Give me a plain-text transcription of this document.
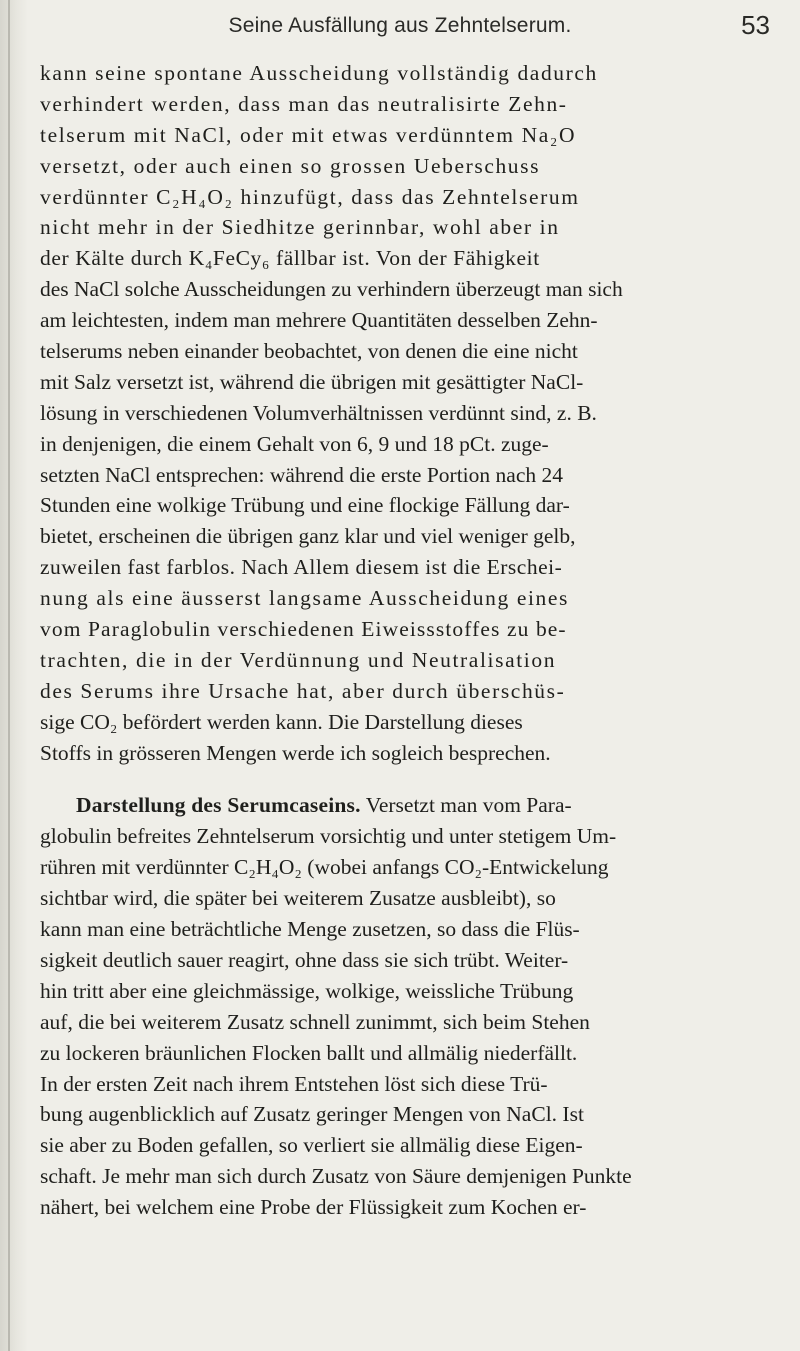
Seine Ausfällung aus Zehntelserum.	53
kann seine spontane Ausscheidung vollständig dadurch
verhindert werden, dass man das neutralisirte Zehn-
telserum mit NaCl, oder mit etwas verdünntem Na₂O
versetzt, oder auch einen so grossen Ueberschuss
verdünnter C₂H₄O₂ hinzufügt, dass das Zehntelserum
nicht mehr in der Siedhitze gerinnbar, wohl aber in
der Kälte durch K₄FeCy₆ fällbar ist. Von der Fähigkeit
des NaCl solche Ausscheidungen zu verhindern überzeugt man sich
am leichtesten, indem man mehrere Quantitäten desselben Zehn-
telserums neben einander beobachtet, von denen die eine nicht
mit Salz versetzt ist, während die übrigen mit gesättigter NaCl-
lösung in verschiedenen Volumverhältnissen verdünnt sind, z. B.
in denjenigen, die einem Gehalt von 6, 9 und 18 pCt. zuge-
setzten NaCl entsprechen: während die erste Portion nach 24
Stunden eine wolkige Trübung und eine flockige Fällung dar-
bietet, erscheinen die übrigen ganz klar und viel weniger gelb,
zuweilen fast farblos. Nach Allem diesem ist die Erschei-
nung als eine äusserst langsame Ausscheidung eines
vom Paraglobulin verschiedenen Eiweissstoffes zu be-
trachten, die in der Verdünnung und Neutralisation
des Serums ihre Ursache hat, aber durch überschüs-
sige CO₂ befördert werden kann. Die Darstellung dieses
Stoffs in grösseren Mengen werde ich sogleich besprechen.
Darstellung des Serumcaseins. Versetzt man vom Para-
globulin befreites Zehntelserum vorsichtig und unter stetigem Um-
rühren mit verdünnter C₂H₄O₂ (wobei anfangs CO₂-Entwickelung
sichtbar wird, die später bei weiterem Zusatze ausbleibt), so
kann man eine beträchtliche Menge zusetzen, so dass die Flüs-
sigkeit deutlich sauer reagirt, ohne dass sie sich trübt. Weiter-
hin tritt aber eine gleichmässige, wolkige, weissliche Trübung
auf, die bei weiterem Zusatz schnell zunimmt, sich beim Stehen
zu lockeren bräunlichen Flocken ballt und allmälig niederfällt.
In der ersten Zeit nach ihrem Entstehen löst sich diese Trü-
bung augenblicklich auf Zusatz geringer Mengen von NaCl. Ist
sie aber zu Boden gefallen, so verliert sie allmälig diese Eigen-
schaft. Je mehr man sich durch Zusatz von Säure demjenigen Punkte
nähert, bei welchem eine Probe der Flüssigkeit zum Kochen er-
